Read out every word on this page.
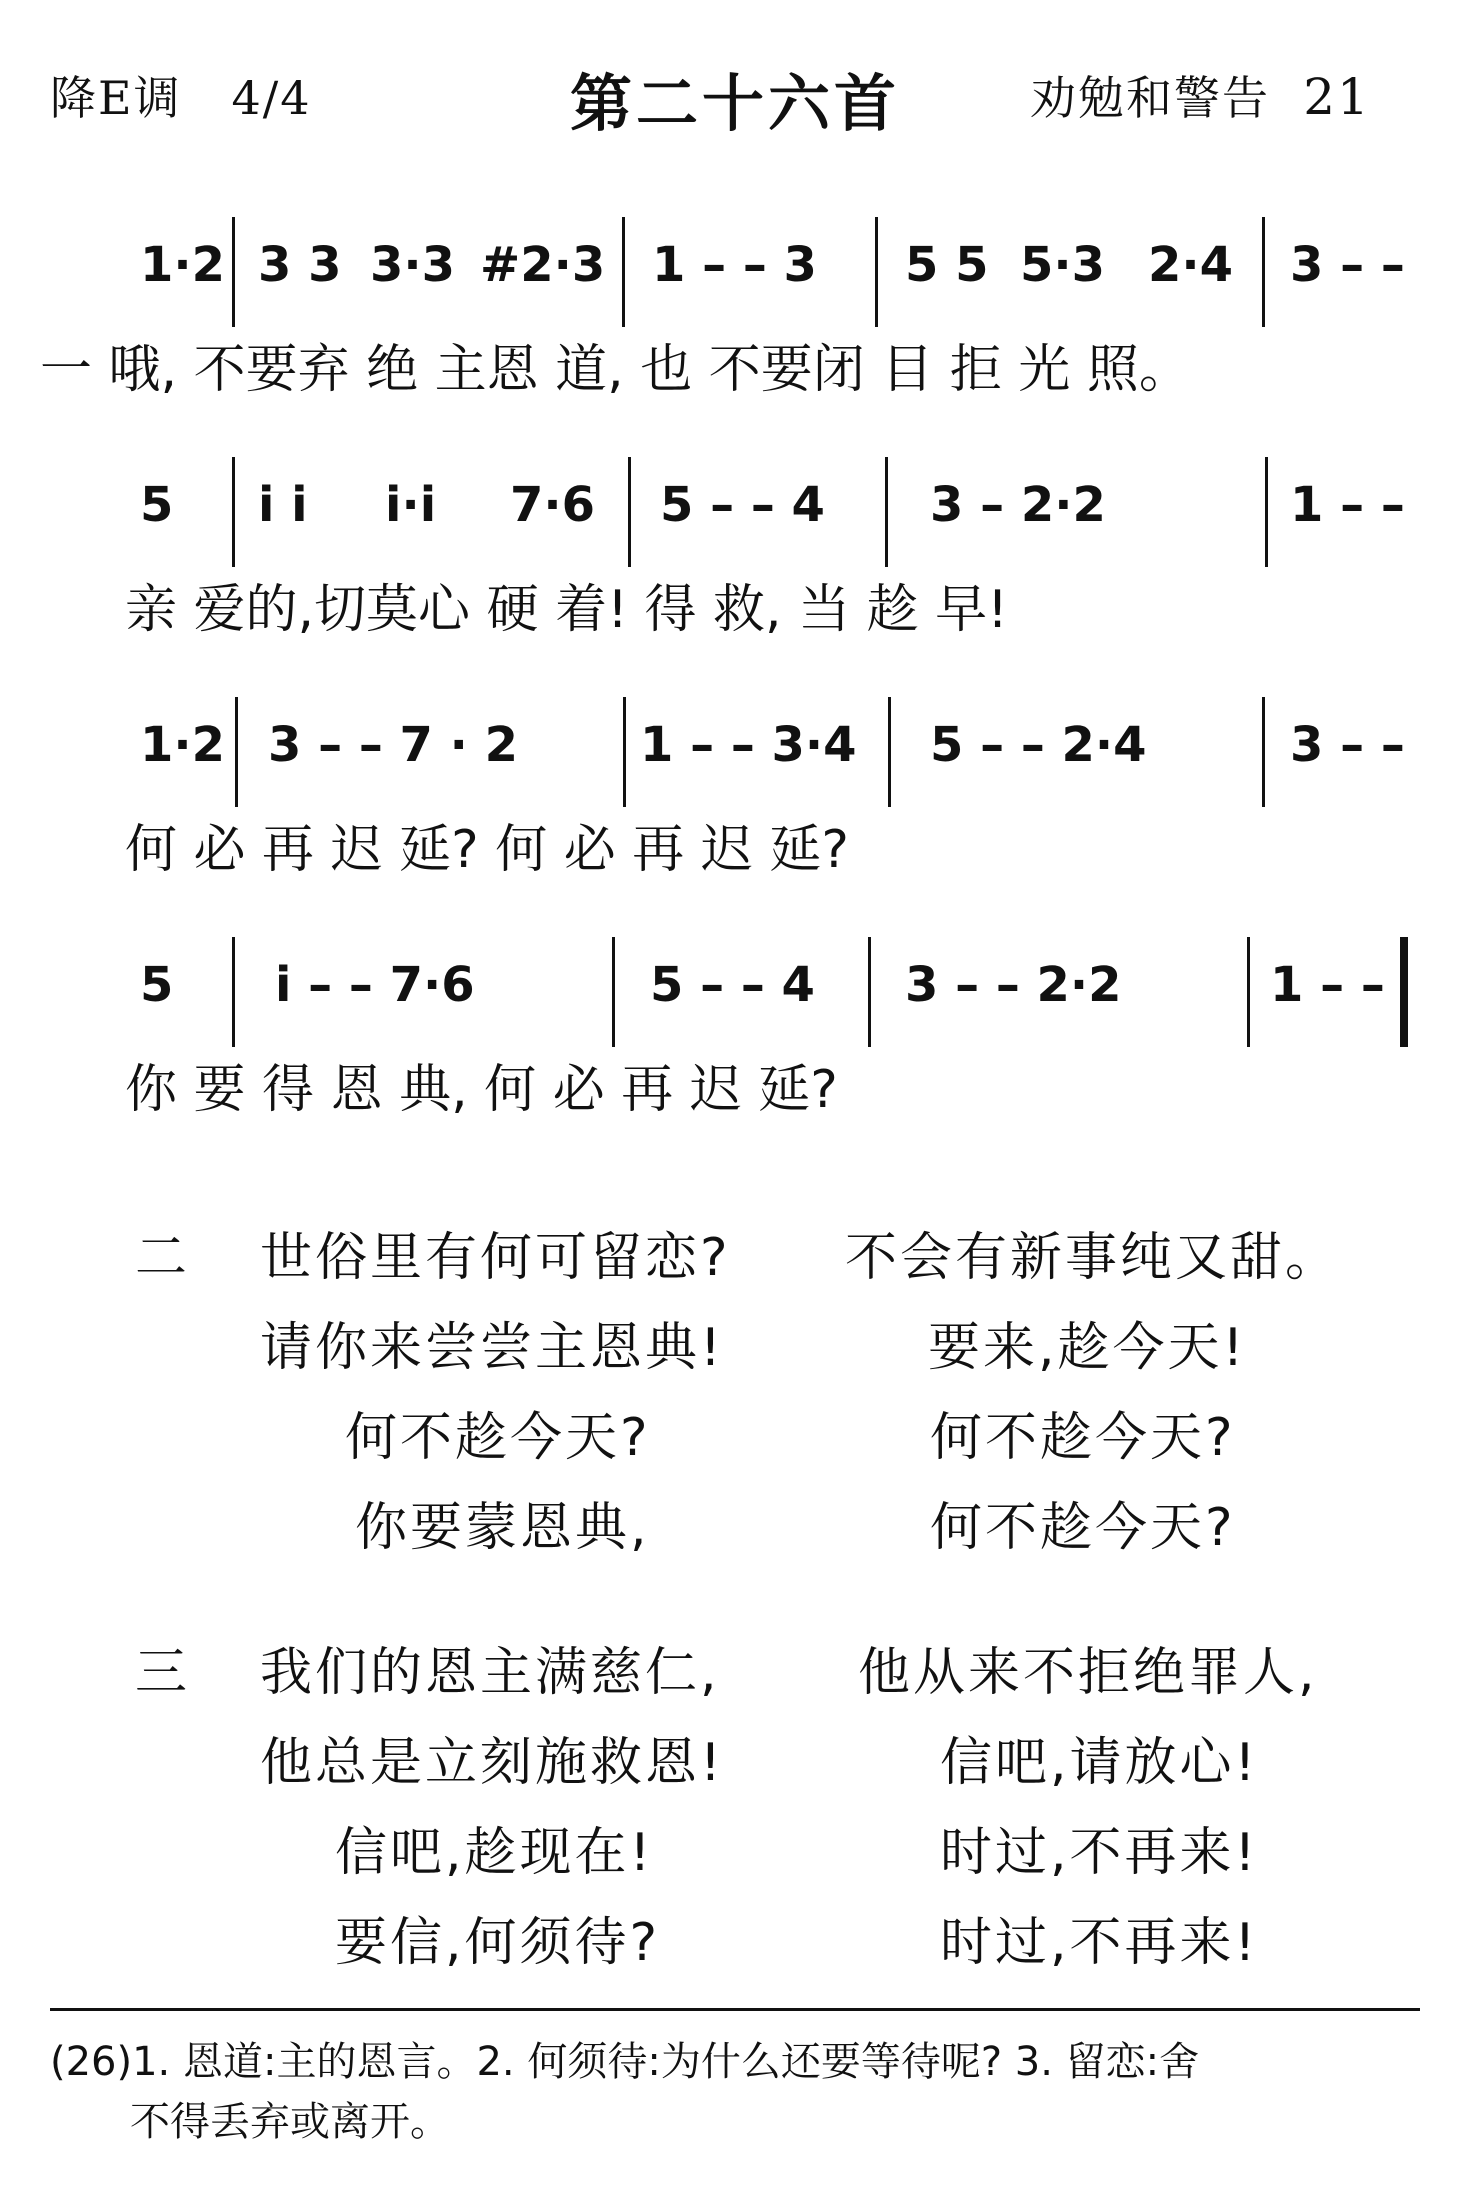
降E调 4/4	第二十六首	劝勉和警告 21
1·2 3 3 3·3 #2·3 1 – – 3 5 5 5·3 2·4 3 – –
一 哦, 不要弃 绝 主恩 道, 也 不要闭 目 拒 光 照。
5 i i i·i 7·6 5 – – 4 3 – 2·2	1 – –
亲 爱的,切莫心 硬 着! 得 救, 当 趁 早!
1·2 3 – – 7 · 2	1 – – 3·4 5 – – 2·4	3 – –
何 必 再 迟 延? 何 必 再 迟 延?
5 i – – 7·6	5 – – 4 3 – – 2·2	1 – –
你 要 得 恩 典, 何 必 再 迟 延?
二 世俗里有何可留恋? 不会有新事纯又甜。
请你来尝尝主恩典!	要来,趁今天!
何不趁今天?	何不趁今天?
你要蒙恩典,	何不趁今天?
三 我们的恩主满慈仁,	他从来不拒绝罪人,
他总是立刻施救恩!	信吧,请放心!
信吧,趁现在!	时过,不再来!
要信,何须待?	时过,不再来!
(26)1. 恩道:主的恩言。2. 何须待:为什么还要等待呢? 3. 留恋:舍
不得丢弃或离开。
